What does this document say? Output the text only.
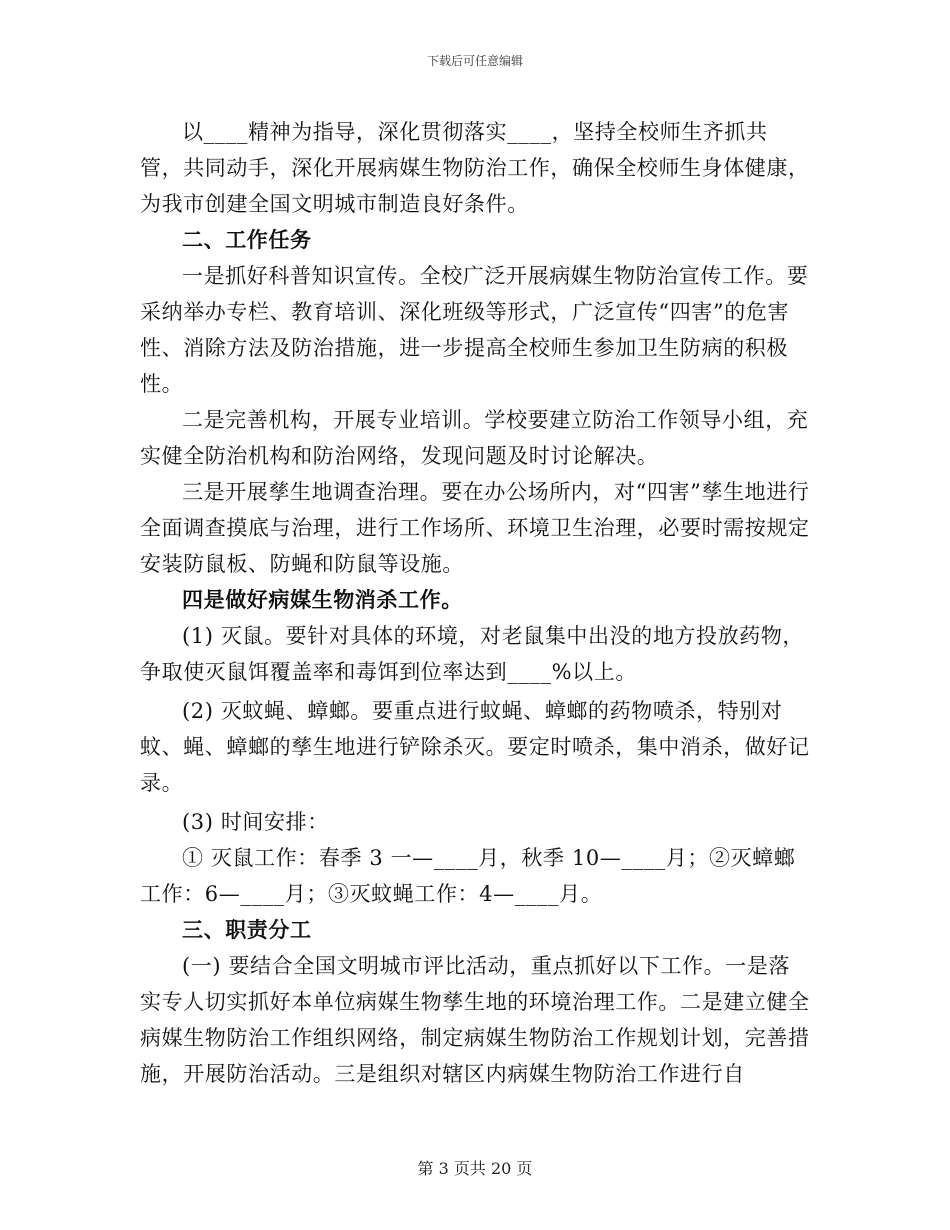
下载后可任意编辑

以____精神为指导，深化贯彻落实____，坚持全校师生齐抓共管，共同动手，深化开展病媒生物防治工作，确保全校师生身体健康，为我市创建全国文明城市制造良好条件。

二、工作任务

一是抓好科普知识宣传。全校广泛开展病媒生物防治宣传工作。要采纳举办专栏、教育培训、深化班级等形式，广泛宣传“四害”的危害性、消除方法及防治措施，进一步提高全校师生参加卫生防病的积极性。

二是完善机构，开展专业培训。学校要建立防治工作领导小组，充实健全防治机构和防治网络，发现问题及时讨论解决。

三是开展孳生地调查治理。要在办公场所内，对“四害”孳生地进行全面调查摸底与治理，进行工作场所、环境卫生治理，必要时需按规定安装防鼠板、防蝇和防鼠等设施。

四是做好病媒生物消杀工作。

(1) 灭鼠。要针对具体的环境，对老鼠集中出没的地方投放药物，争取使灭鼠饵覆盖率和毒饵到位率达到____%以上。

(2) 灭蚊蝇、蟑螂。要重点进行蚊蝇、蟑螂的药物喷杀，特别对蚊、蝇、蟑螂的孳生地进行铲除杀灭。要定时喷杀，集中消杀，做好记录。

(3) 时间安排：

① 灭鼠工作：春季 3 一—____月，秋季 10—____月；②灭蟑螂工作：6—____月；③灭蚊蝇工作：4—____月。

三、职责分工

(一) 要结合全国文明城市评比活动，重点抓好以下工作。一是落实专人切实抓好本单位病媒生物孳生地的环境治理工作。二是建立健全病媒生物防治工作组织网络，制定病媒生物防治工作规划计划，完善措施，开展防治活动。三是组织对辖区内病媒生物防治工作进行自

第 3 页共 20 页
